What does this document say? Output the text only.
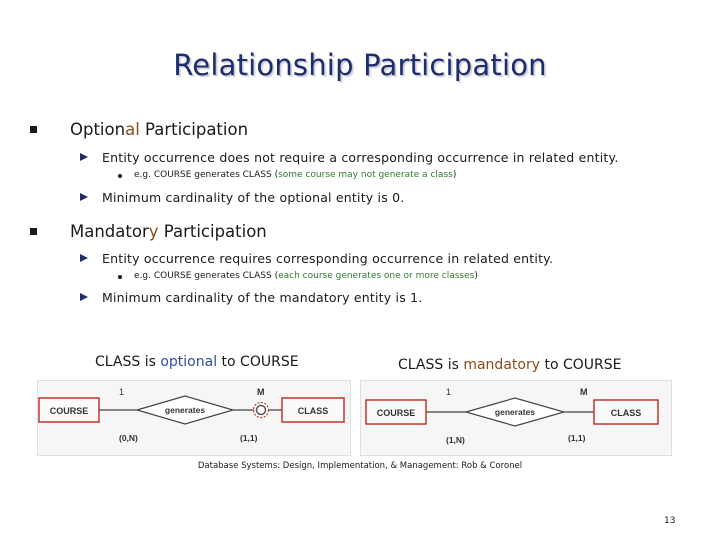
Relationship Participation
Optional Participation
Entity occurrence does not require a corresponding occurrence in related entity.
e.g. COURSE generates CLASS (some course may not generate a class)
Minimum cardinality of the optional entity is 0.
Mandatory Participation
Entity occurrence requires corresponding occurrence in related entity.
e.g. COURSE generates CLASS (each course generates one or more classes)
Minimum cardinality of the mandatory entity is 1.
CLASS is optional to COURSE	CLASS is mandatory to COURSE
1	M
COURSE	generates	CLASS
(0,N)	(1,1)
1	M
COURSE	generates	CLASS
(1,N)	(1,1)
Database Systems: Design, Implementation, & Management: Rob & Coronel
13
